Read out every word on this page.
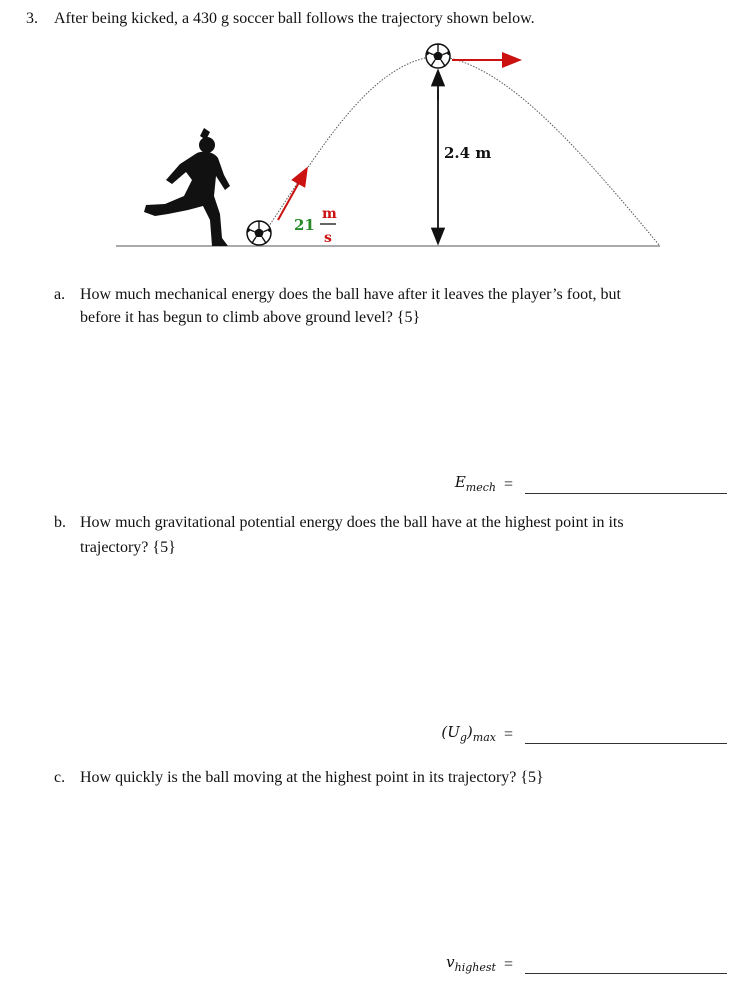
3. After being kicked, a 430 g soccer ball follows the trajectory shown below.
2.4 m
21
m
s
a. How much mechanical energy does the ball have after it leaves the player’s foot, but
before it has begun to climb above ground level? {5}
$E_{mech}$ =
b. How much gravitational potential energy does the ball have at the highest point in its
trajectory? {5}
$(U_g)_{max}$ =
c. How quickly is the ball moving at the highest point in its trajectory? {5}
$v_{highest}$ =
